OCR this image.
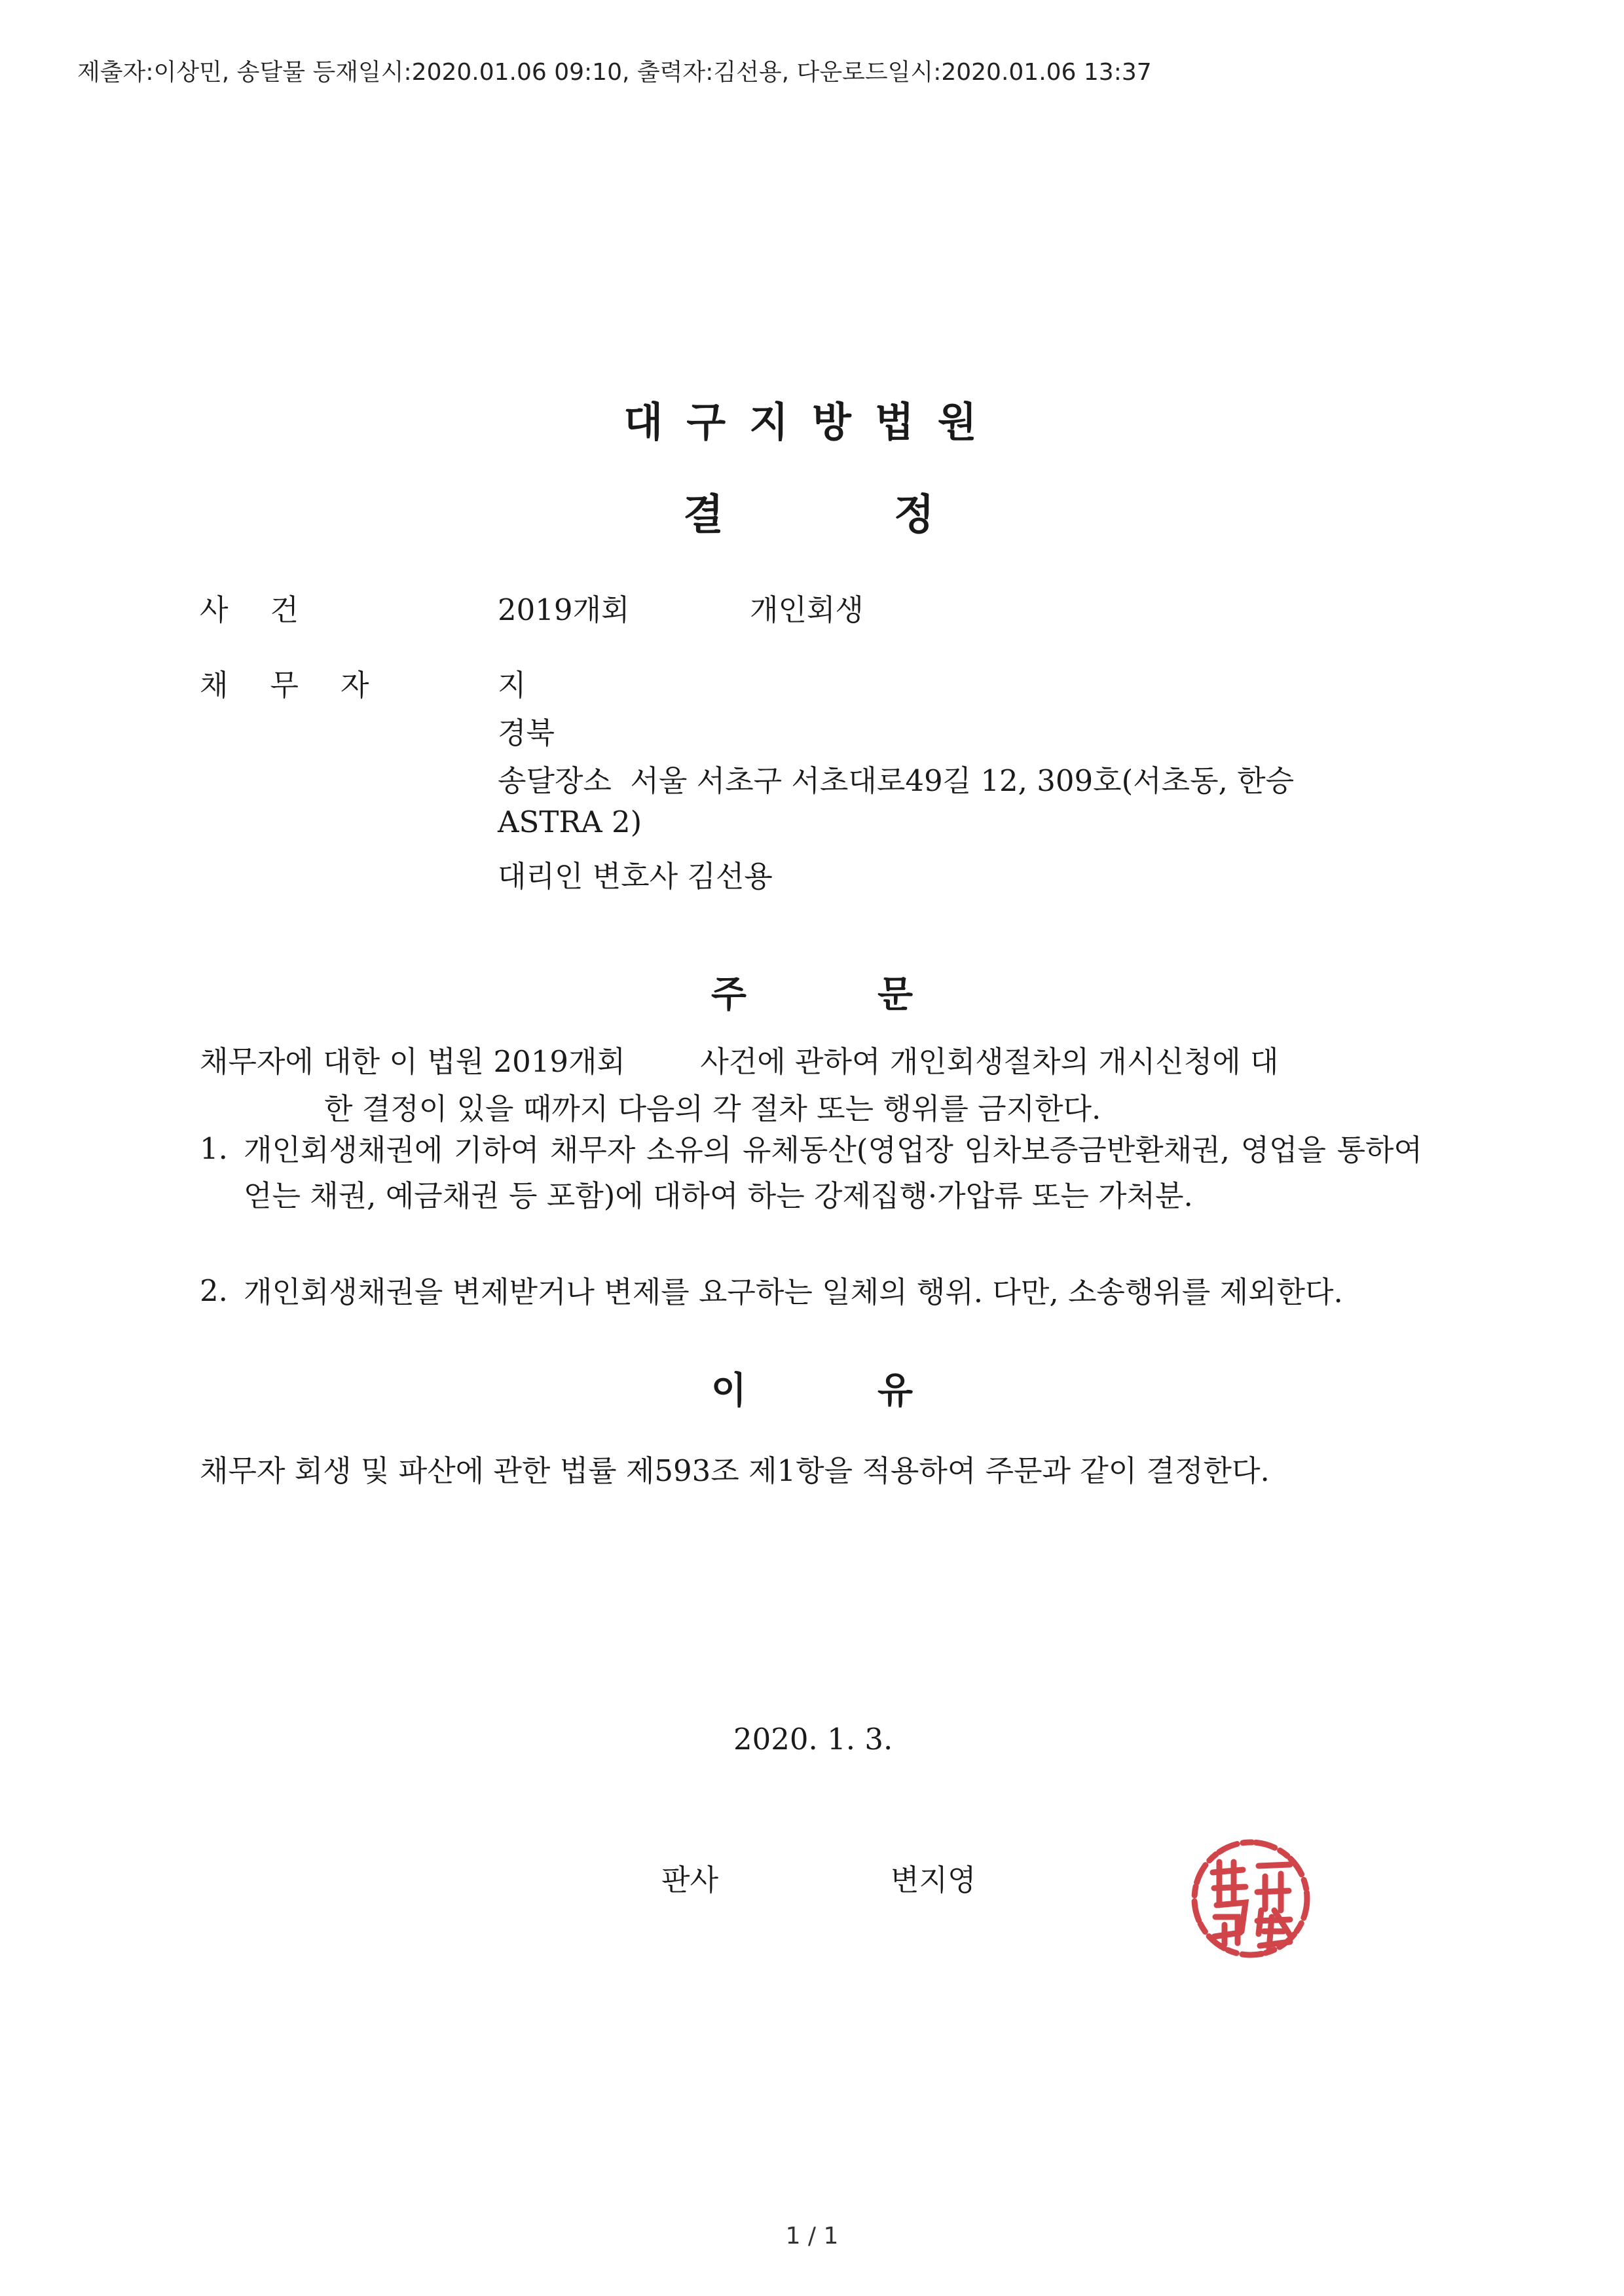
제출자:이상민, 송달물 등재일시:2020.01.06 09:10, 출력자:김선용, 다운로드일시:2020.01.06 13:37
대구지방법원
결정
사건	2019개회	개인회생
채무자	지
경북
송달장소  서울 서초구 서초대로49길 12, 309호(서초동, 한승
ASTRA 2)
대리인 변호사 김선용
주문
채무자에 대한 이 법원 2019개회        사건에 관하여 개인회생절차의 개시신청에 대
한 결정이 있을 때까지 다음의 각 절차 또는 행위를 금지한다.
1. 개인회생채권에 기하여 채무자 소유의 유체동산(영업장 임차보증금반환채권, 영업을 통하여 얻는 채권, 예금채권 등 포함)에 대하여 하는 강제집행·가압류 또는 가처분.
2. 개인회생채권을 변제받거나 변제를 요구하는 일체의 행위. 다만, 소송행위를 제외한다.
이유
채무자 회생 및 파산에 관한 법률 제593조 제1항을 적용하여 주문과 같이 결정한다.
2020. 1. 3.
판사	변지영
1 / 1
